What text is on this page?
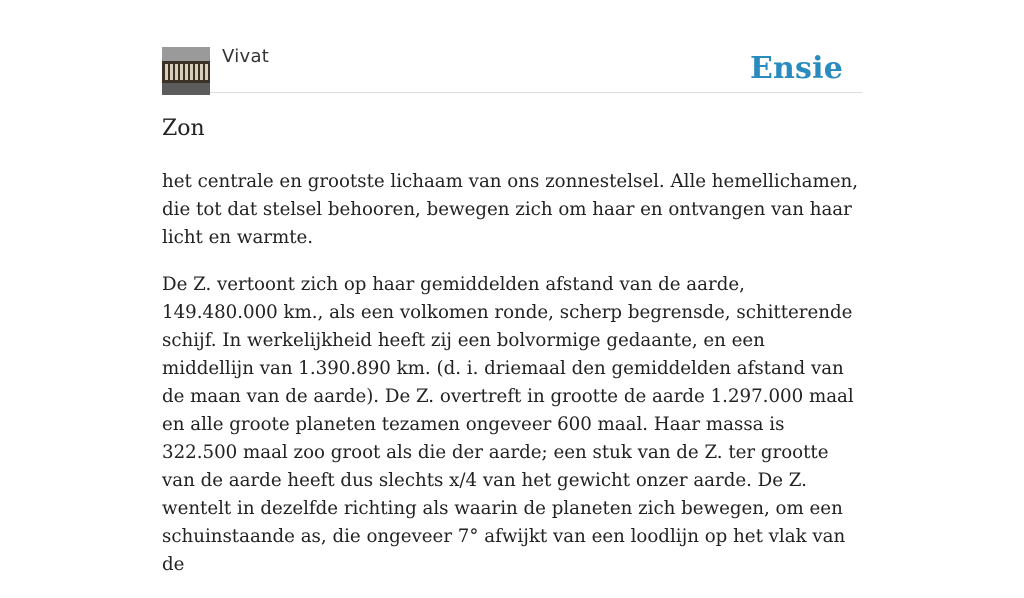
Vivat	Ensie
Zon

het centrale en grootste lichaam van ons zonnestelsel. Alle hemellichamen, die tot dat stelsel behooren, bewegen zich om haar en ontvangen van haar licht en warmte.

De Z. vertoont zich op haar gemiddelden afstand van de aarde, 149.480.000 km., als een volkomen ronde, scherp begrensde, schitterende schijf. In werkelijkheid heeft zij een bolvormige gedaante, en een middellijn van 1.390.890 km. (d. i. driemaal den gemiddelden afstand van de maan van de aarde). De Z. overtreft in grootte de aarde 1.297.000 maal en alle groote planeten tezamen ongeveer 600 maal. Haar massa is 322.500 maal zoo groot als die der aarde; een stuk van de Z. ter grootte van de aarde heeft dus slechts x/4 van het gewicht onzer aarde. De Z. wentelt in dezelfde richting als waarin de planeten zich bewegen, om een schuinstaande as, die ongeveer 7° afwijkt van een loodlijn op het vlak van de
